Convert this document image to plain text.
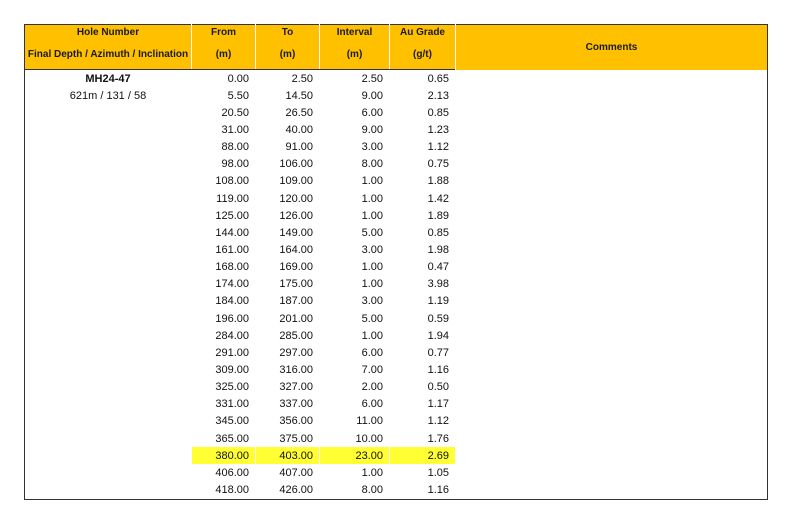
Hole Number	From	To	Interval	Au Grade	Comments
Final Depth / Azimuth / Inclination	(m)	(m)	(m)	(g/t)	
MH24-47	0.00	2.50	2.50	0.65	
621m / 131 / 58	5.50	14.50	9.00	2.13	
	20.50	26.50	6.00	0.85	
	31.00	40.00	9.00	1.23	
	88.00	91.00	3.00	1.12	
	98.00	106.00	8.00	0.75	
	108.00	109.00	1.00	1.88	
	119.00	120.00	1.00	1.42	
	125.00	126.00	1.00	1.89	
	144.00	149.00	5.00	0.85	
	161.00	164.00	3.00	1.98	
	168.00	169.00	1.00	0.47	
	174.00	175.00	1.00	3.98	
	184.00	187.00	3.00	1.19	
	196.00	201.00	5.00	0.59	
	284.00	285.00	1.00	1.94	
	291.00	297.00	6.00	0.77	
	309.00	316.00	7.00	1.16	
	325.00	327.00	2.00	0.50	
	331.00	337.00	6.00	1.17	
	345.00	356.00	11.00	1.12	
	365.00	375.00	10.00	1.76	
	380.00	403.00	23.00	2.69	
	406.00	407.00	1.00	1.05	
	418.00	426.00	8.00	1.16	
